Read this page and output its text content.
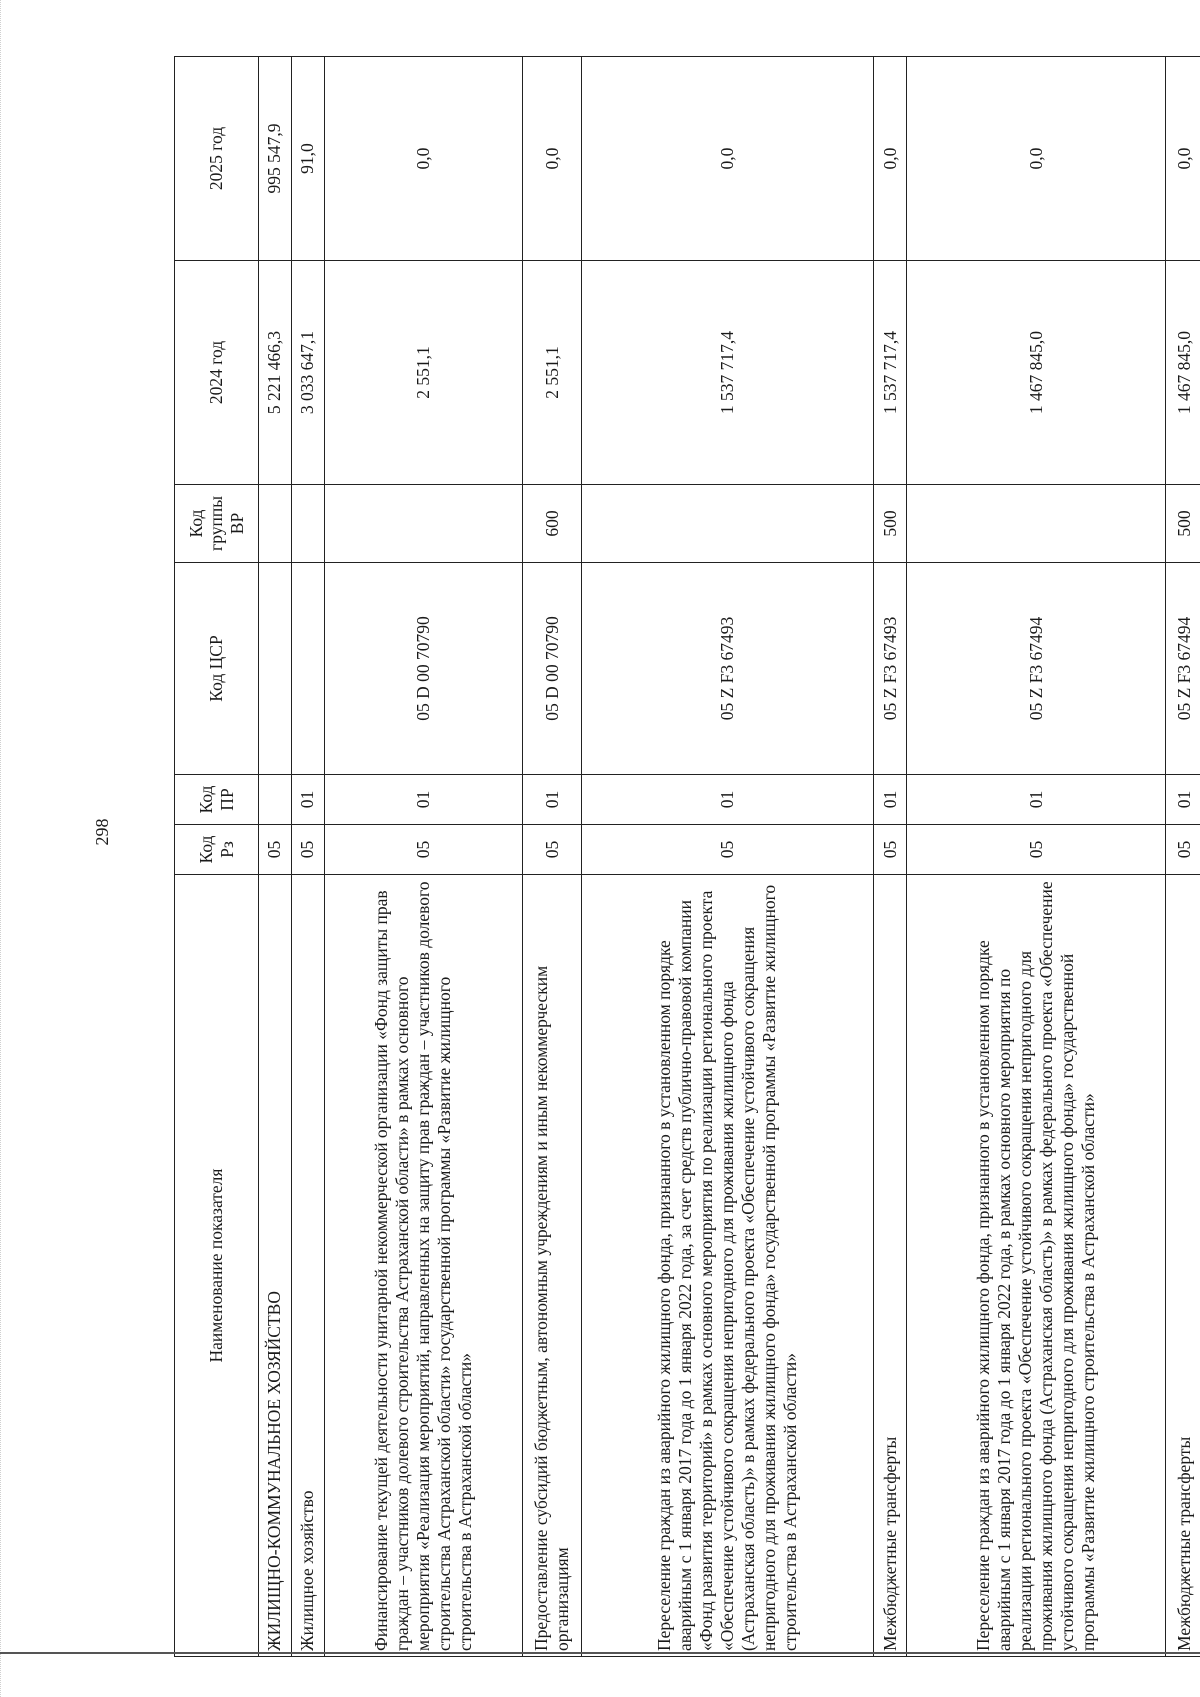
298
Наименование показателя	Код Рз	Код ПР	Код ЦСР	Код группы ВР	2024 год	2025 год
ЖИЛИЩНО-КОММУНАЛЬНОЕ ХОЗЯЙСТВО	05				5 221 466,3	995 547,9
Жилищное хозяйство	05	01			3 033 647,1	91,0
Финансирование текущей деятельности унитарной некоммерческой организации «Фонд защиты прав граждан – участников долевого строительства Астраханской области» в рамках основного мероприятия «Реализация мероприятий, направленных на защиту прав граждан – участников долевого строительства Астраханской области» государственной программы «Развитие жилищного строительства в Астраханской области»	05	01	05 D 00 70790		2 551,1	0,0
Предоставление субсидий бюджетным, автономным учреждениям и иным некоммерческим организациям	05	01	05 D 00 70790	600	2 551,1	0,0
Переселение граждан из аварийного жилищного фонда, признанного в установленном порядке аварийным с 1 января 2017 года до 1 января 2022 года, за счет средств публично-правовой компании «Фонд развития территорий» в рамках основного мероприятия по реализации регионального проекта «Обеспечение устойчивого сокращения непригодного для проживания жилищного фонда (Астраханская область)» в рамках федерального проекта «Обеспечение устойчивого сокращения непригодного для проживания жилищного фонда» государственной программы «Развитие жилищного строительства в Астраханской области»	05	01	05 Z F3 67493		1 537 717,4	0,0
Межбюджетные трансферты	05	01	05 Z F3 67493	500	1 537 717,4	0,0
Переселение граждан из аварийного жилищного фонда, признанного в установленном порядке аварийным с 1 января 2017 года до 1 января 2022 года, в рамках основного мероприятия по реализации регионального проекта «Обеспечение устойчивого сокращения непригодного для проживания жилищного фонда (Астраханская область)» в рамках федерального проекта «Обеспечение устойчивого сокращения непригодного для проживания жилищного фонда» государственной программы «Развитие жилищного строительства в Астраханской области»	05	01	05 Z F3 67494		1 467 845,0	0,0
Межбюджетные трансферты	05	01	05 Z F3 67494	500	1 467 845,0	0,0
